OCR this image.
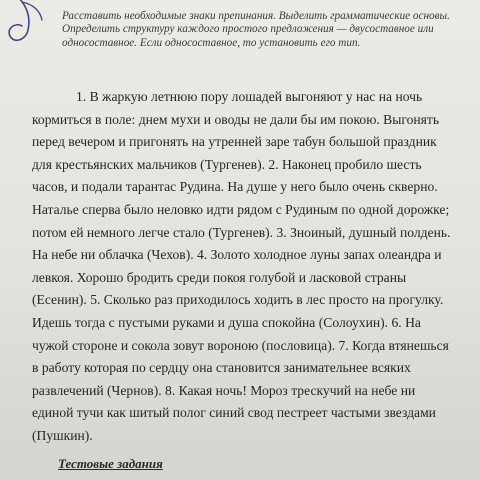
Расставить необходимые знаки препинания. Выделить грамматические основы. Определить структуру каждого простого предложения — двусоставное или односоставное. Если односоставное, то установить его тип.

1. В жаркую летнюю пору лошадей выгоняют у нас на ночь кормиться в поле: днем мухи и оводы не дали бы им покою. Выгонять перед вечером и пригонять на утренней заре табун большой праздник для крестьянских мальчиков (Тургенев). 2. Наконец пробило шесть часов, и подали тарантас Рудина. На душе у него было очень скверно. Наталье сперва было неловко идти рядом с Рудиным по одной дорожке; потом ей немного легче стало (Тургенев). 3. Зноиный, душный полдень. На небе ни облачка (Чехов). 4. Золото холодное луны запах олеандра и левкоя. Хорошо бродить среди покоя голубой и ласковой страны (Есенин). 5. Сколько раз приходилось ходить в лес просто на прогулку. Идешь тогда с пустыми руками и душа спокойна (Солоухин). 6. На чужой стороне и сокола зовут вороною (пословица). 7. Когда втянешься в работу которая по сердцу она становится занимательнее всяких развлечений (Чернов). 8. Какая ночь! Мороз трескучий на небе ни единой тучи как шитый полог синий свод пестреет частыми звездами (Пушкин).

Тестовые задания
